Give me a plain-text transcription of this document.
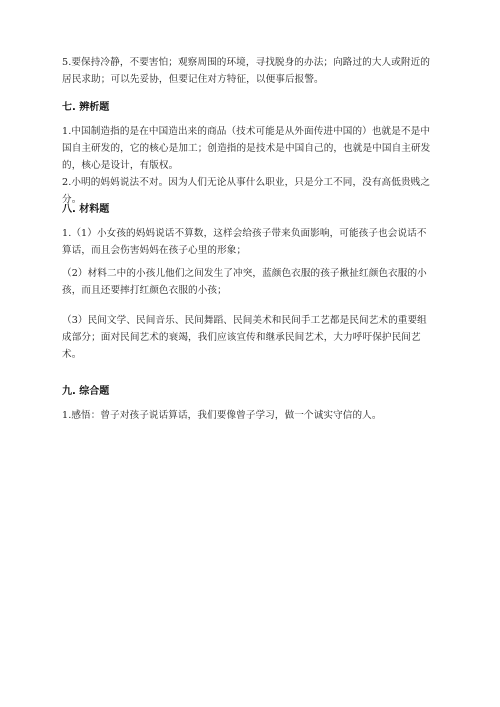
5.要保持冷静，不要害怕；观察周围的环境，寻找脱身的办法；向路过的大人或附近的居民求助；可以先妥协，但要记住对方特征，以便事后报警。

七. 辨析题

1.中国制造指的是在中国造出来的商品（技术可能是从外面传进中国的）也就是不是中国自主研发的，它的核心是加工；创造指的是技术是中国自己的，也就是中国自主研发的，核心是设计，有版权。

2.小明的妈妈说法不对。因为人们无论从事什么职业，只是分工不同，没有高低贵贱之分。

八. 材料题

1.（1）小女孩的妈妈说话不算数，这样会给孩子带来负面影响，可能孩子也会说话不算话，而且会伤害妈妈在孩子心里的形象；

（2）材料二中的小孩儿他们之间发生了冲突，蓝颜色衣服的孩子揪扯红颜色衣服的小孩，而且还要摔打红颜色衣服的小孩；

（3）民间文学、民间音乐、民间舞蹈、民间美术和民间手工艺都是民间艺术的重要组成部分；面对民间艺术的衰竭，我们应该宣传和继承民间艺术，大力呼吁保护民间艺术。

九. 综合题

1.感悟：曾子对孩子说话算话，我们要像曾子学习，做一个诚实守信的人。
